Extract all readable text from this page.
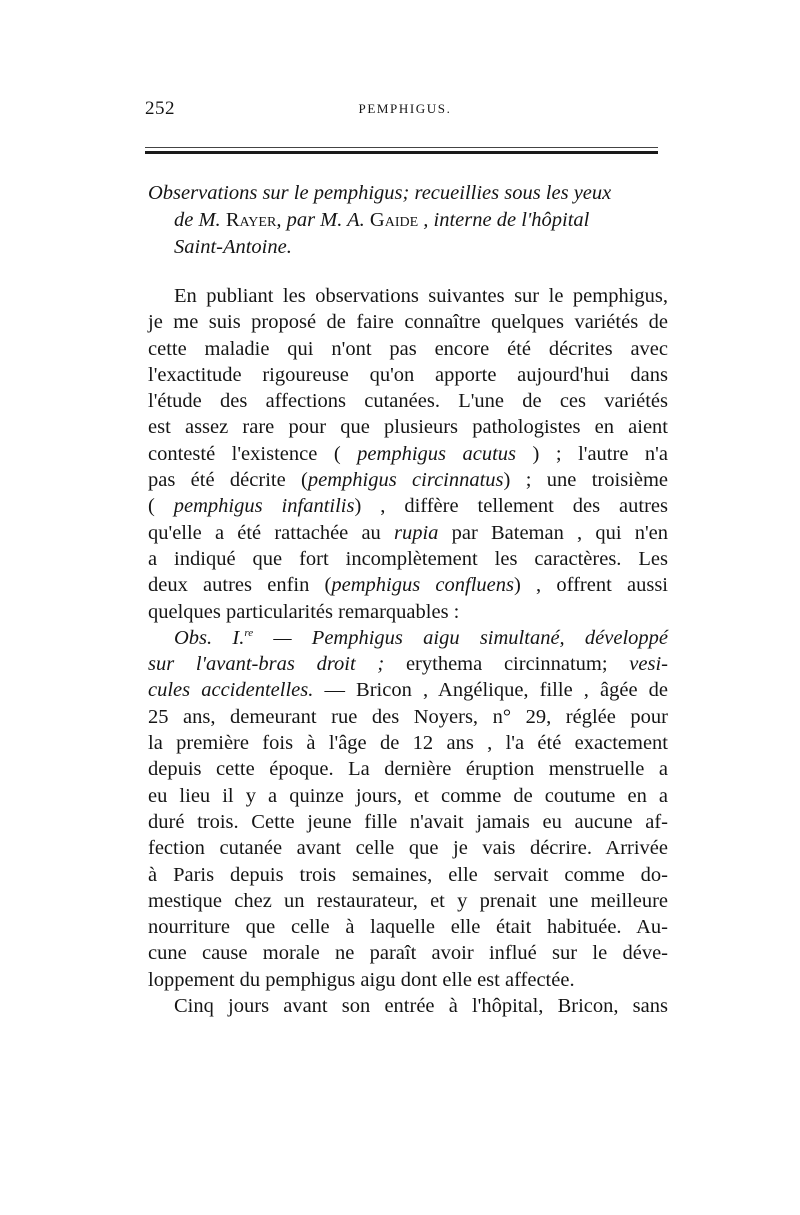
252	PEMPHIGUS.
Observations sur le pemphigus; recueillies sous les yeux
de M. Rayer, par M. A. Gaide , interne de l'hôpital
Saint-Antoine.
En publiant les observations suivantes sur le pemphigus,
je me suis proposé de faire connaître quelques variétés de
cette maladie qui n'ont pas encore été décrites avec
l'exactitude rigoureuse qu'on apporte aujourd'hui dans
l'étude des affections cutanées. L'une de ces variétés
est assez rare pour que plusieurs pathologistes en aient
contesté l'existence ( pemphigus acutus ) ; l'autre n'a
pas été décrite (pemphigus circinnatus) ; une troisième
( pemphigus infantilis) , diffère tellement des autres
qu'elle a été rattachée au rupia par Bateman , qui n'en
a indiqué que fort incomplètement les caractères. Les
deux autres enfin (pemphigus confluens) , offrent aussi
quelques particularités remarquables :
Obs. I.$^{re}$ — Pemphigus aigu simultané, développé
sur l'avant-bras droit ; erythema circinnatum; vesi-
cules accidentelles. — Bricon , Angélique, fille , âgée de
25 ans, demeurant rue des Noyers, n° 29, réglée pour
la première fois à l'âge de 12 ans , l'a été exactement
depuis cette époque. La dernière éruption menstruelle a
eu lieu il y a quinze jours, et comme de coutume en a
duré trois. Cette jeune fille n'avait jamais eu aucune af-
fection cutanée avant celle que je vais décrire. Arrivée
à Paris depuis trois semaines, elle servait comme do-
mestique chez un restaurateur, et y prenait une meilleure
nourriture que celle à laquelle elle était habituée. Au-
cune cause morale ne paraît avoir influé sur le déve-
loppement du pemphigus aigu dont elle est affectée.
Cinq jours avant son entrée à l'hôpital, Bricon, sans
